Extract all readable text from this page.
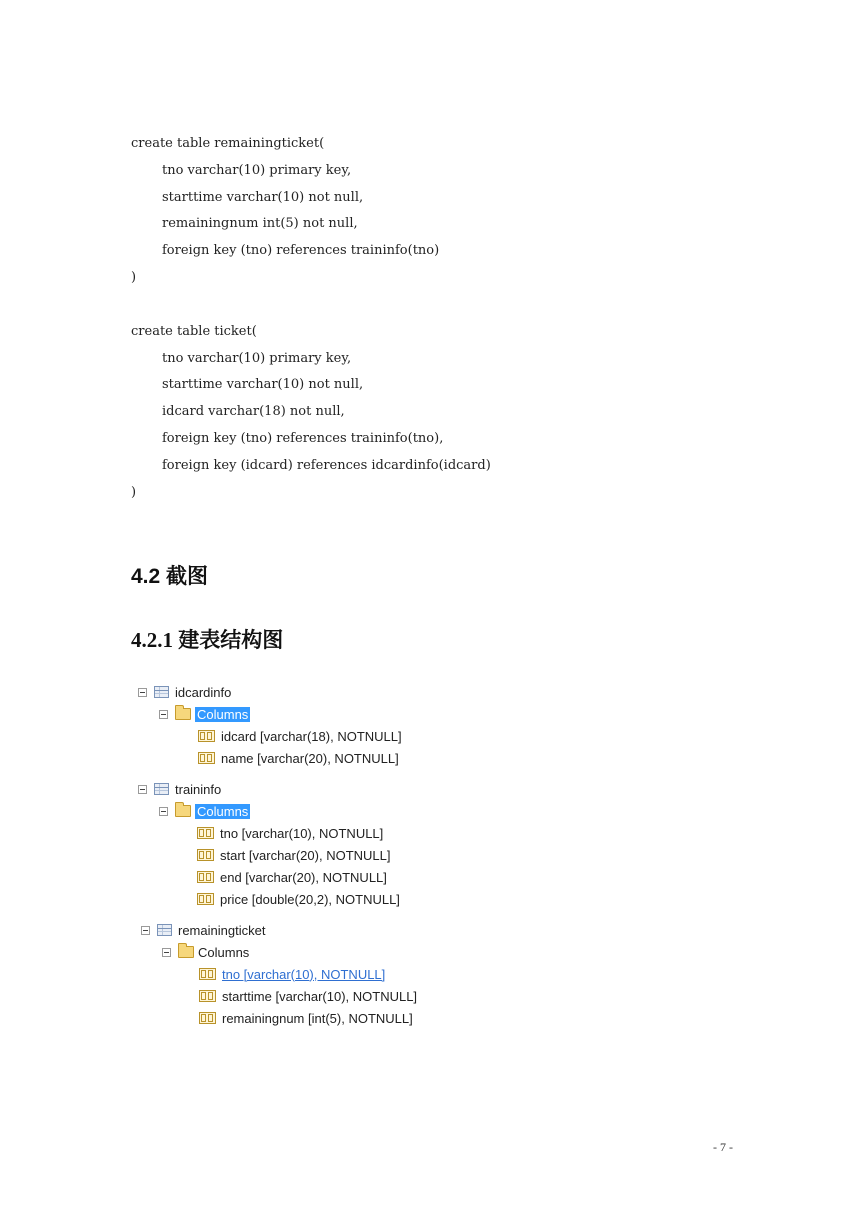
create table remainingticket(
tno varchar(10) primary key,
starttime varchar(10) not null,
remainingnum int(5) not null,
foreign key (tno) references traininfo(tno)
)
create table ticket(
tno varchar(10) primary key,
starttime varchar(10) not null,
idcard varchar(18) not null,
foreign key (tno) references traininfo(tno),
foreign key (idcard) references idcardinfo(idcard)
)
4.2 截图
4.2.1 建表结构图
idcardinfo
Columns
idcard [varchar(18), NOTNULL]
name [varchar(20), NOTNULL]
traininfo
Columns
tno [varchar(10), NOTNULL]
start [varchar(20), NOTNULL]
end [varchar(20), NOTNULL]
price [double(20,2), NOTNULL]
remainingticket
Columns
tno [varchar(10), NOTNULL]
starttime [varchar(10), NOTNULL]
remainingnum [int(5), NOTNULL]
- 7 -
